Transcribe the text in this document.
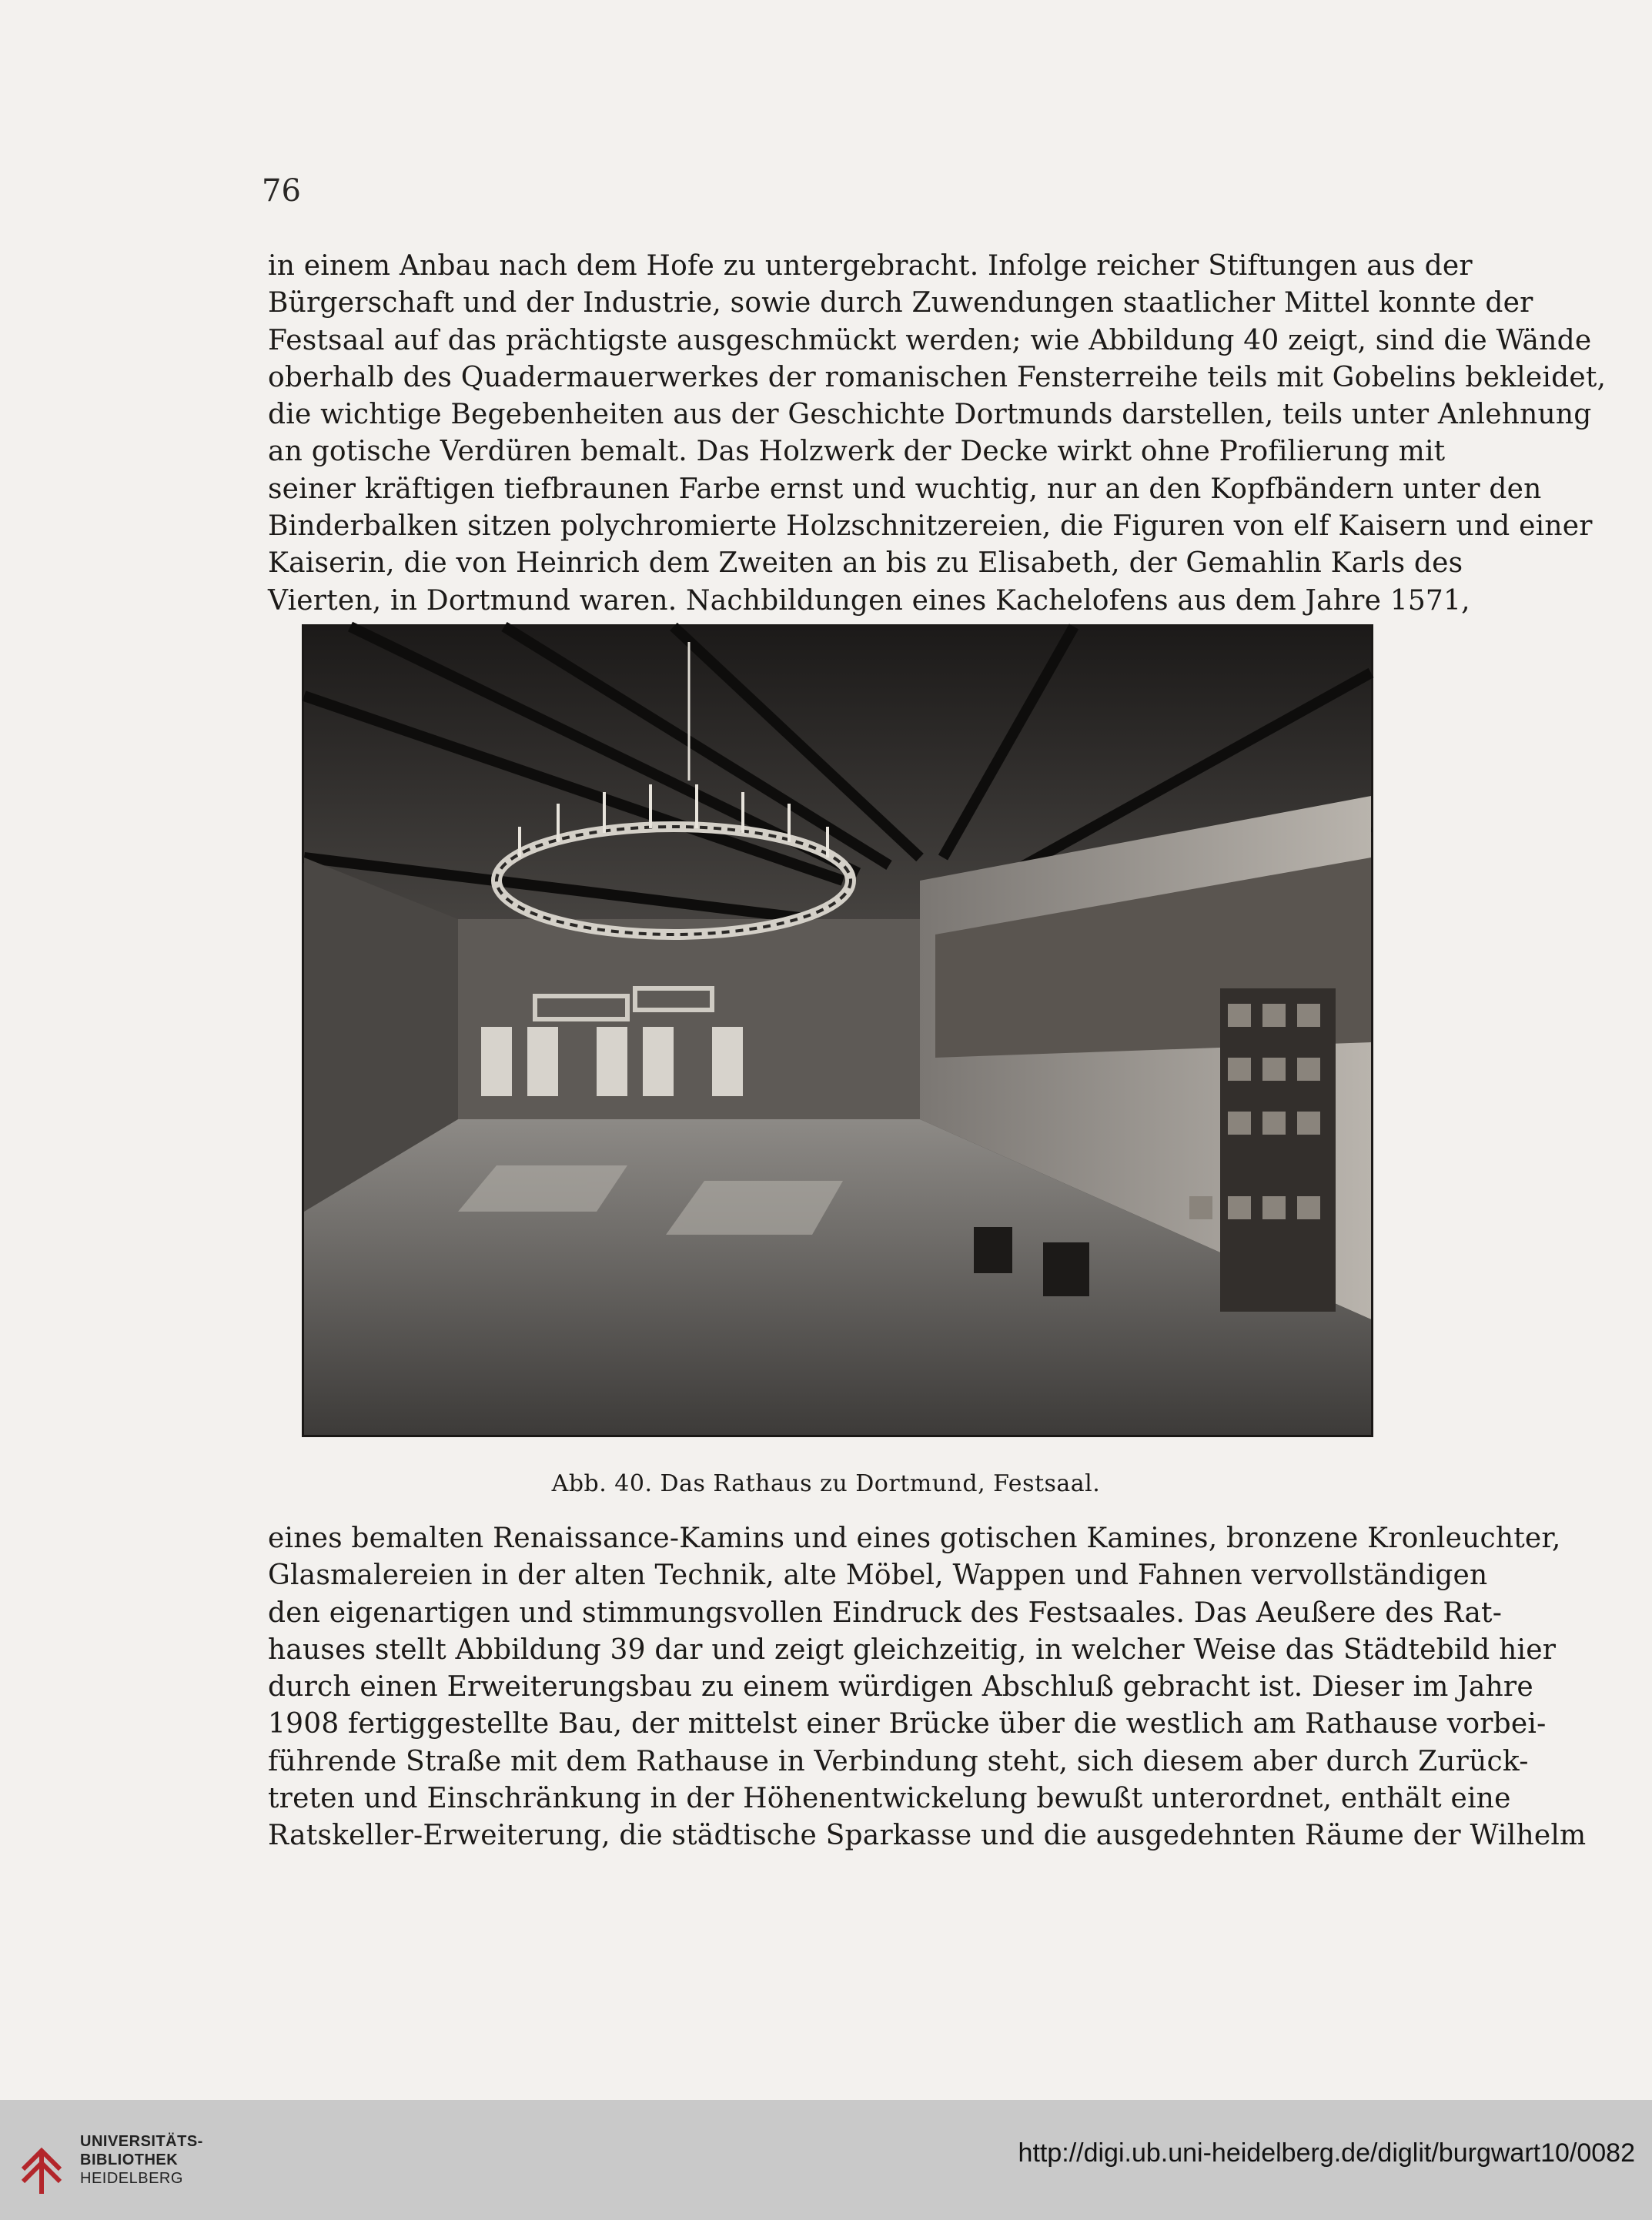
76
in einem Anbau nach dem Hofe zu untergebracht. Infolge reicher Stiftungen aus der
Bürgerschaft und der Industrie, sowie durch Zuwendungen staatlicher Mittel konnte der
Festsaal auf das prächtigste ausgeschmückt werden; wie Abbildung 40 zeigt, sind die Wände
oberhalb des Quadermauerwerkes der romanischen Fensterreihe teils mit Gobelins bekleidet,
die wichtige Begebenheiten aus der Geschichte Dortmunds darstellen, teils unter Anlehnung
an gotische Verdüren bemalt. Das Holzwerk der Decke wirkt ohne Profilierung mit
seiner kräftigen tiefbraunen Farbe ernst und wuchtig, nur an den Kopfbändern unter den
Binderbalken sitzen polychromierte Holzschnitzereien, die Figuren von elf Kaisern und einer
Kaiserin, die von Heinrich dem Zweiten an bis zu Elisabeth, der Gemahlin Karls des
Vierten, in Dortmund waren. Nachbildungen eines Kachelofens aus dem Jahre 1571,
Abb. 40. Das Rathaus zu Dortmund, Festsaal.
eines bemalten Renaissance-Kamins und eines gotischen Kamines, bronzene Kronleuchter,
Glasmalereien in der alten Technik, alte Möbel, Wappen und Fahnen vervollständigen
den eigenartigen und stimmungsvollen Eindruck des Festsaales. Das Aeußere des Rat-
hauses stellt Abbildung 39 dar und zeigt gleichzeitig, in welcher Weise das Städtebild hier
durch einen Erweiterungsbau zu einem würdigen Abschluß gebracht ist. Dieser im Jahre
1908 fertiggestellte Bau, der mittelst einer Brücke über die westlich am Rathause vorbei-
führende Straße mit dem Rathause in Verbindung steht, sich diesem aber durch Zurück-
treten und Einschränkung in der Höhenentwickelung bewußt unterordnet, enthält eine
Ratskeller-Erweiterung, die städtische Sparkasse und die ausgedehnten Räume der Wilhelm
UNIVERSITÄTS-
BIBLIOTHEK
HEIDELBERG
http://digi.ub.uni-heidelberg.de/diglit/burgwart10/0082
